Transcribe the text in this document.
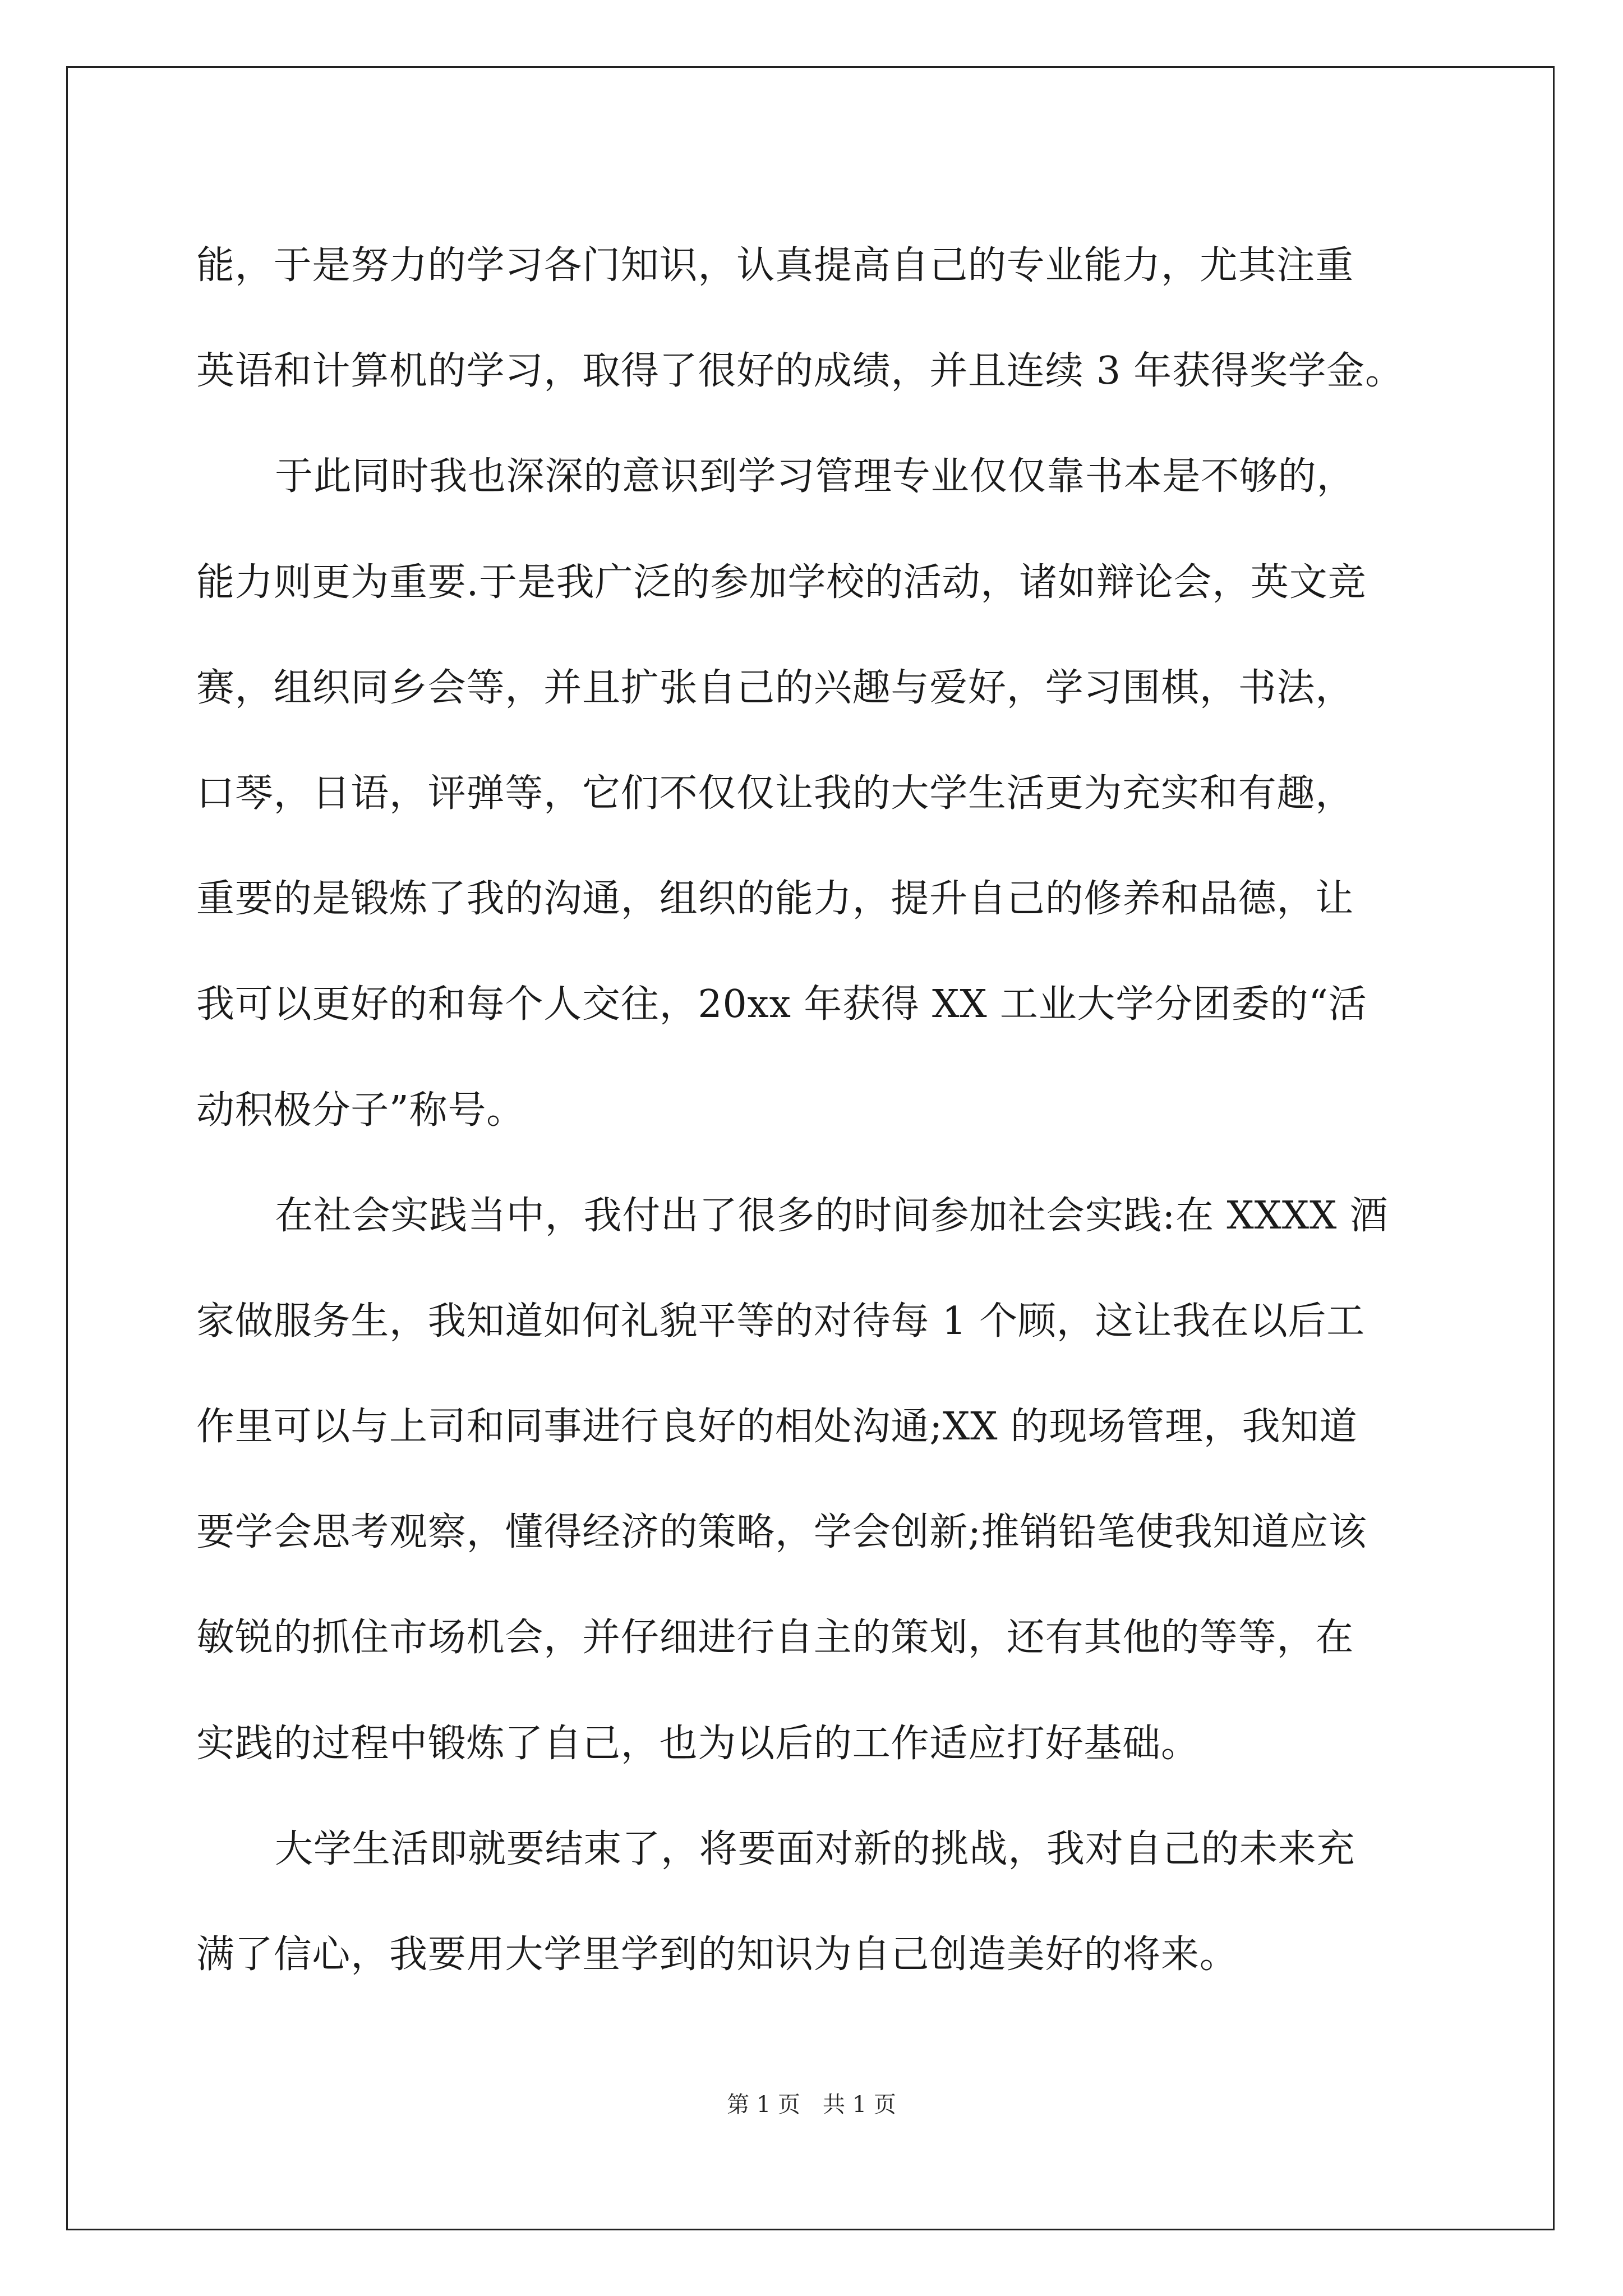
能，于是努力的学习各门知识，认真提高自己的专业能力，尤其注重
英语和计算机的学习，取得了很好的成绩，并且连续 3 年获得奖学金。
于此同时我也深深的意识到学习管理专业仅仅靠书本是不够的，
能力则更为重要.于是我广泛的参加学校的活动，诸如辩论会，英文竞
赛，组织同乡会等，并且扩张自己的兴趣与爱好，学习围棋，书法，
口琴，日语，评弹等，它们不仅仅让我的大学生活更为充实和有趣，
重要的是锻炼了我的沟通，组织的能力，提升自己的修养和品德，让
我可以更好的和每个人交往，20xx 年获得 XX 工业大学分团委的“活
动积极分子”称号。
在社会实践当中，我付出了很多的时间参加社会实践:在 XXXX 酒
家做服务生，我知道如何礼貌平等的对待每 1 个顾，这让我在以后工
作里可以与上司和同事进行良好的相处沟通;XX 的现场管理，我知道
要学会思考观察，懂得经济的策略，学会创新;推销铅笔使我知道应该
敏锐的抓住市场机会，并仔细进行自主的策划，还有其他的等等，在
实践的过程中锻炼了自己，也为以后的工作适应打好基础。
大学生活即就要结束了，将要面对新的挑战，我对自己的未来充
满了信心，我要用大学里学到的知识为自己创造美好的将来。
第 1 页 共 1 页
